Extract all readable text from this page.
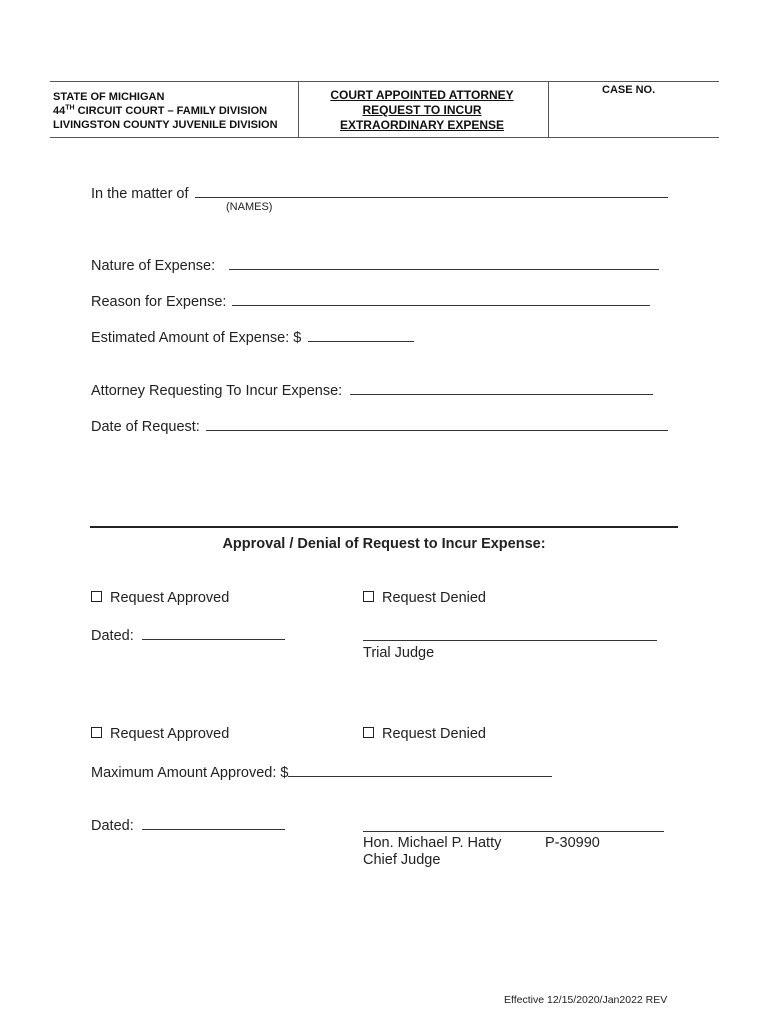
STATE OF MICHIGAN
44TH CIRCUIT COURT – FAMILY DIVISION
LIVINGSTON COUNTY JUVENILE DIVISION
COURT APPOINTED ATTORNEY
REQUEST TO INCUR
EXTRAORDINARY EXPENSE
CASE NO.
In the matter of
(NAMES)
Nature of Expense:
Reason for Expense:
Estimated Amount of Expense: $
Attorney Requesting To Incur Expense:
Date of Request:
Approval / Denial of Request to Incur Expense:
Request Approved	Request Denied
Dated:
Trial Judge
Request Approved	Request Denied
Maximum Amount Approved: $
Dated:
Hon. Michael P. Hatty	P-30990
Chief Judge
Effective 12/15/2020/Jan2022 REV
